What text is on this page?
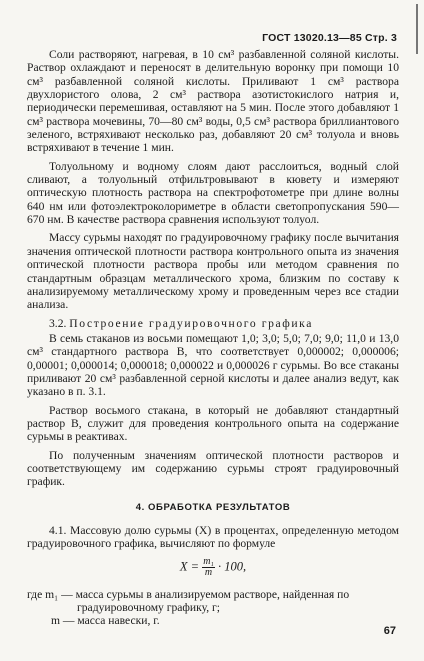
ГОСТ 13020.13—85 Стр. 3

Соли растворяют, нагревая, в 10 см³ разбавленной соляной кислоты. Раствор охлаждают и переносят в делительную воронку при помощи 10 см³ разбавленной соляной кислоты. Приливают 1 см³ раствора двухлористого олова, 2 см³ раствора азотистокислого натрия и, периодически перемешивая, оставляют на 5 мин. После этого добавляют 1 см³ раствора мочевины, 70—80 см³ воды, 0,5 см³ раствора бриллиантового зеленого, встряхивают несколько раз, добавляют 20 см³ толуола и вновь встряхивают в течение 1 мин.

Толуольному и водному слоям дают расслоиться, водный слой сливают, а толуольный отфильтровывают в кювету и измеряют оптическую плотность раствора на спектрофотометре при длине волны 640 нм или фотоэлектроколориметре в области светопропускания 590—670 нм. В качестве раствора сравнения используют толуол.

Массу сурьмы находят по градуировочному графику после вычитания значения оптической плотности раствора контрольного опыта из значения оптической плотности раствора пробы или методом сравнения по стандартным образцам металлического хрома, близким по составу к анализируемому металлическому хрому и проведенным через все стадии анализа.

3.2. Построение градуировочного графика

В семь стаканов из восьми помещают 1,0; 3,0; 5,0; 7,0; 9,0; 11,0 и 13,0 см³ стандартного раствора В, что соответствует 0,000002; 0,000006; 0,00001; 0,000014; 0,000018; 0,000022 и 0,000026 г сурьмы. Во все стаканы приливают 20 см³ разбавленной серной кислоты и далее анализ ведут, как указано в п. 3.1.

Раствор восьмого стакана, в который не добавляют стандартный раствор В, служит для проведения контрольного опыта на содержание сурьмы в реактивах.

По полученным значениям оптической плотности растворов и соответствующему им содержанию сурьмы строят градуировочный график.

4. ОБРАБОТКА РЕЗУЛЬТАТОВ

4.1. Массовую долю сурьмы (X) в процентах, определенную методом градуировочного графика, вычисляют по формуле

$X = \frac{\text{m₁}}{m} \cdot 100$,
где m₁ — масса сурьмы в анализируемом растворе, найденная по
градуировочному графику, г;
m — масса навески, г.
67
